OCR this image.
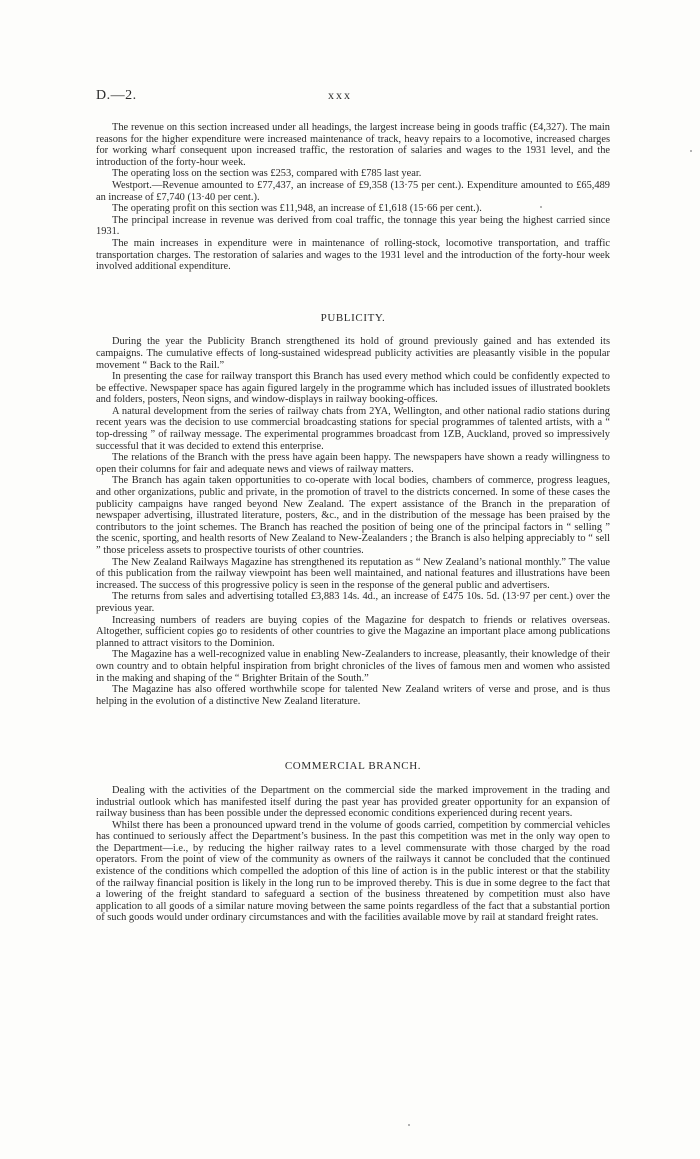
D.—2.	xxx

The revenue on this section increased under all headings, the largest increase being in goods traffic (£4,327). The main reasons for the higher expenditure were increased maintenance of track, heavy repairs to a locomotive, increased charges for working wharf consequent upon increased traffic, the restoration of salaries and wages to the 1931 level, and the introduction of the forty-hour week.

The operating loss on the section was £253, compared with £785 last year.

Westport.—Revenue amounted to £77,437, an increase of £9,358 (13·75 per cent.). Expenditure amounted to £65,489 an increase of £7,740 (13·40 per cent.).

The operating profit on this section was £11,948, an increase of £1,618 (15·66 per cent.).

The principal increase in revenue was derived from coal traffic, the tonnage this year being the highest carried since 1931.

The main increases in expenditure were in maintenance of rolling-stock, locomotive transportation, and traffic transportation charges. The restoration of salaries and wages to the 1931 level and the introduction of the forty-hour week involved additional expenditure.

PUBLICITY.

During the year the Publicity Branch strengthened its hold of ground previously gained and has extended its campaigns. The cumulative effects of long-sustained widespread publicity activities are pleasantly visible in the popular movement “ Back to the Rail.”

In presenting the case for railway transport this Branch has used every method which could be confidently expected to be effective. Newspaper space has again figured largely in the programme which has included issues of illustrated booklets and folders, posters, Neon signs, and window-displays in railway booking-offices.

A natural development from the series of railway chats from 2YA, Wellington, and other national radio stations during recent years was the decision to use commercial broadcasting stations for special programmes of talented artists, with a “ top-dressing ” of railway message. The experimental programmes broadcast from 1ZB, Auckland, proved so impressively successful that it was decided to extend this enterprise.

The relations of the Branch with the press have again been happy. The newspapers have shown a ready willingness to open their columns for fair and adequate news and views of railway matters.

The Branch has again taken opportunities to co-operate with local bodies, chambers of commerce, progress leagues, and other organizations, public and private, in the promotion of travel to the districts concerned. In some of these cases the publicity campaigns have ranged beyond New Zealand. The expert assistance of the Branch in the preparation of newspaper advertising, illustrated literature, posters, &c., and in the distribution of the message has been praised by the contributors to the joint schemes. The Branch has reached the position of being one of the principal factors in “ selling ” the scenic, sporting, and health resorts of New Zealand to New-Zealanders ; the Branch is also helping appreciably to “ sell ” those priceless assets to prospective tourists of other countries.

The New Zealand Railways Magazine has strengthened its reputation as “ New Zealand’s national monthly.” The value of this publication from the railway viewpoint has been well maintained, and national features and illustrations have been increased. The success of this progressive policy is seen in the response of the general public and advertisers.

The returns from sales and advertising totalled £3,883 14s. 4d., an increase of £475 10s. 5d. (13·97 per cent.) over the previous year.

Increasing numbers of readers are buying copies of the Magazine for despatch to friends or relatives overseas. Altogether, sufficient copies go to residents of other countries to give the Magazine an important place among publications planned to attract visitors to the Dominion.

The Magazine has a well-recognized value in enabling New-Zealanders to increase, pleasantly, their knowledge of their own country and to obtain helpful inspiration from bright chronicles of the lives of famous men and women who assisted in the making and shaping of the “ Brighter Britain of the South.”

The Magazine has also offered worthwhile scope for talented New Zealand writers of verse and prose, and is thus helping in the evolution of a distinctive New Zealand literature.

COMMERCIAL BRANCH.

Dealing with the activities of the Department on the commercial side the marked improvement in the trading and industrial outlook which has manifested itself during the past year has provided greater opportunity for an expansion of railway business than has been possible under the depressed economic conditions experienced during recent years.

Whilst there has been a pronounced upward trend in the volume of goods carried, competition by commercial vehicles has continued to seriously affect the Department’s business. In the past this competition was met in the only way open to the Department—i.e., by reducing the higher railway rates to a level commensurate with those charged by the road operators. From the point of view of the community as owners of the railways it cannot be concluded that the continued existence of the conditions which compelled the adoption of this line of action is in the public interest or that the stability of the railway financial position is likely in the long run to be improved thereby. This is due in some degree to the fact that a lowering of the freight standard to safeguard a section of the business threatened by competition must also have application to all goods of a similar nature moving between the same points regardless of the fact that a substantial portion of such goods would under ordinary circumstances and with the facilities available move by rail at standard freight rates.
